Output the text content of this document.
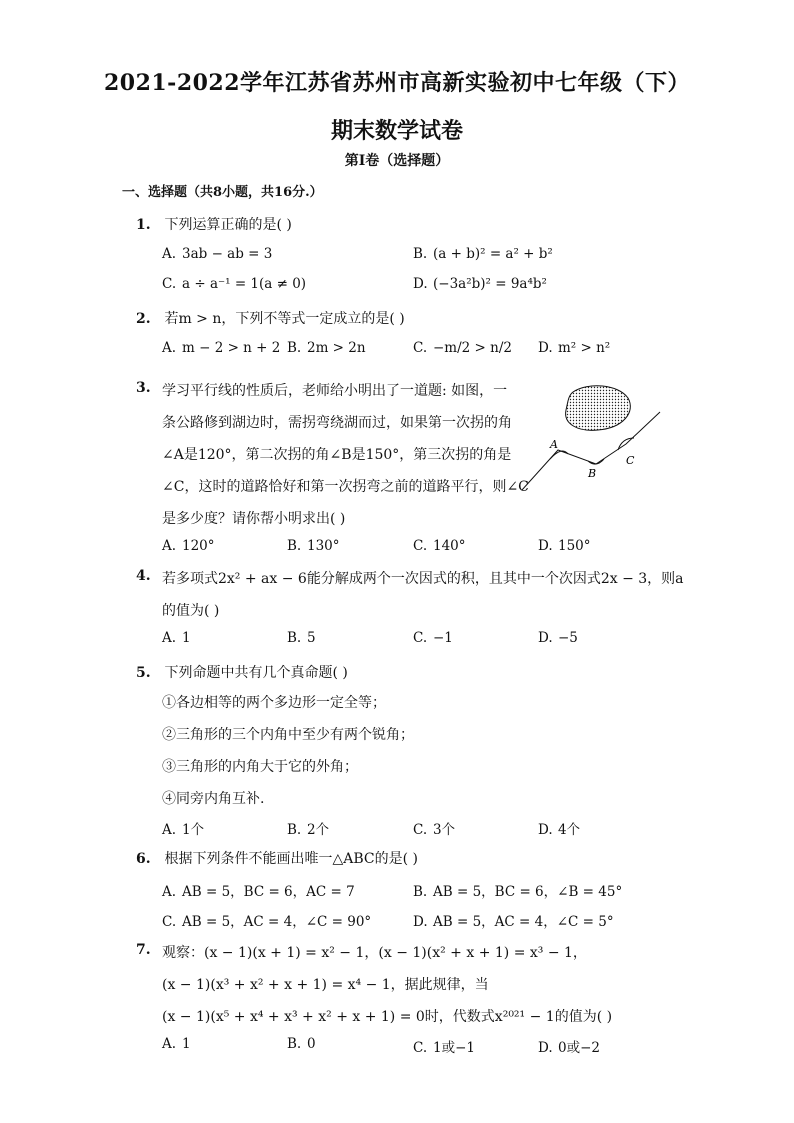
2021-2022学年江苏省苏州市高新实验初中七年级（下）
期末数学试卷
第I卷（选择题）
一、选择题（共8小题，共16分.）
1. 下列运算正确的是( )
A. 3ab − ab = 3	B. (a + b)² = a² + b²
C. a ÷ a⁻¹ = 1(a ≠ 0)	D. (−3a²b)² = 9a⁴b²
2. 若m > n，下列不等式一定成立的是( )
A. m − 2 > n + 2 B. 2m > 2n	C. −m/2 > n/2 D. m² > n²
3. 学习平行线的性质后，老师给小明出了一道题: 如图，一
条公路修到湖边时，需拐弯绕湖而过，如果第一次拐的角
∠A是120°，第二次拐的角∠B是150°，第三次拐的角是
∠C，这时的道路恰好和第一次拐弯之前的道路平行，则∠C
是多少度？请你帮小明求出( )
A
B
C
A. 120°	B. 130°	C. 140°	D. 150°
4. 若多项式2x² + ax − 6能分解成两个一次因式的积，且其中一个次因式2x − 3，则a
的值为( )
A. 1	B. 5	C. −1	D. −5
5. 下列命题中共有几个真命题( )
①各边相等的两个多边形一定全等；
②三角形的三个内角中至少有两个锐角；
③三角形的内角大于它的外角；
④同旁内角互补.
A. 1个	B. 2个	C. 3个	D. 4个
6. 根据下列条件不能画出唯一△ABC的是( )
A. AB = 5，BC = 6，AC = 7	B. AB = 5，BC = 6，∠B = 45°
C. AB = 5，AC = 4，∠C = 90°	D. AB = 5，AC = 4，∠C = 5°
7. 观察：(x − 1)(x + 1) = x² − 1，(x − 1)(x² + x + 1) = x³ − 1，
(x − 1)(x³ + x² + x + 1) = x⁴ − 1，据此规律，当
(x − 1)(x⁵ + x⁴ + x³ + x² + x + 1) = 0时，代数式x²⁰²¹ − 1的值为( )
A. 1	B. 0	C. 1或−1	D. 0或−2
